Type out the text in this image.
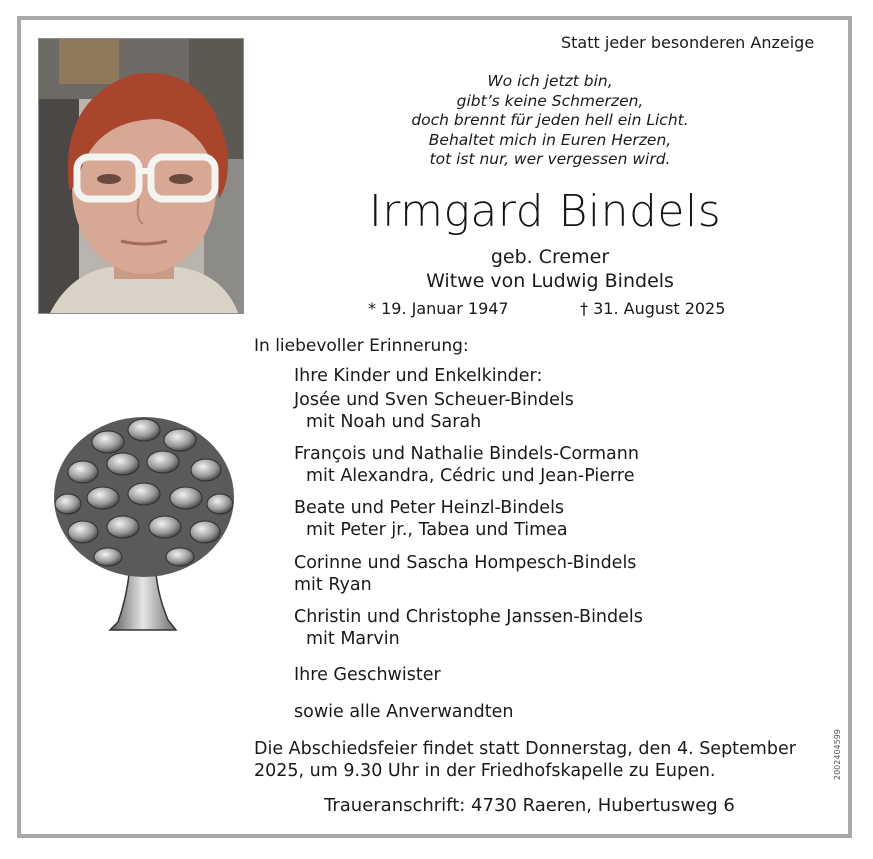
Statt jeder besonderen Anzeige
Wo ich jetzt bin,
gibt’s keine Schmerzen,
doch brennt für jeden hell ein Licht.
Behaltet mich in Euren Herzen,
tot ist nur, wer vergessen wird.
Irmgard Bindels
geb. Cremer
Witwe von Ludwig Bindels
* 19. Januar 1947	† 31. August 2025
In liebevoller Erinnerung:
Ihre Kinder und Enkelkinder:
Josée und Sven Scheuer-Bindels
mit Noah und Sarah
François und Nathalie Bindels-Cormann
mit Alexandra, Cédric und Jean-Pierre
Beate und Peter Heinzl-Bindels
mit Peter jr., Tabea und Timea
Corinne und Sascha Hompesch-Bindels
mit Ryan
Christin und Christophe Janssen-Bindels
mit Marvin
Ihre Geschwister
sowie alle Anverwandten
Die Abschiedsfeier findet statt Donnerstag, den 4. September
2025, um 9.30 Uhr in der Friedhofskapelle zu Eupen.
Traueranschrift: 4730 Raeren, Hubertusweg 6
2002404599
